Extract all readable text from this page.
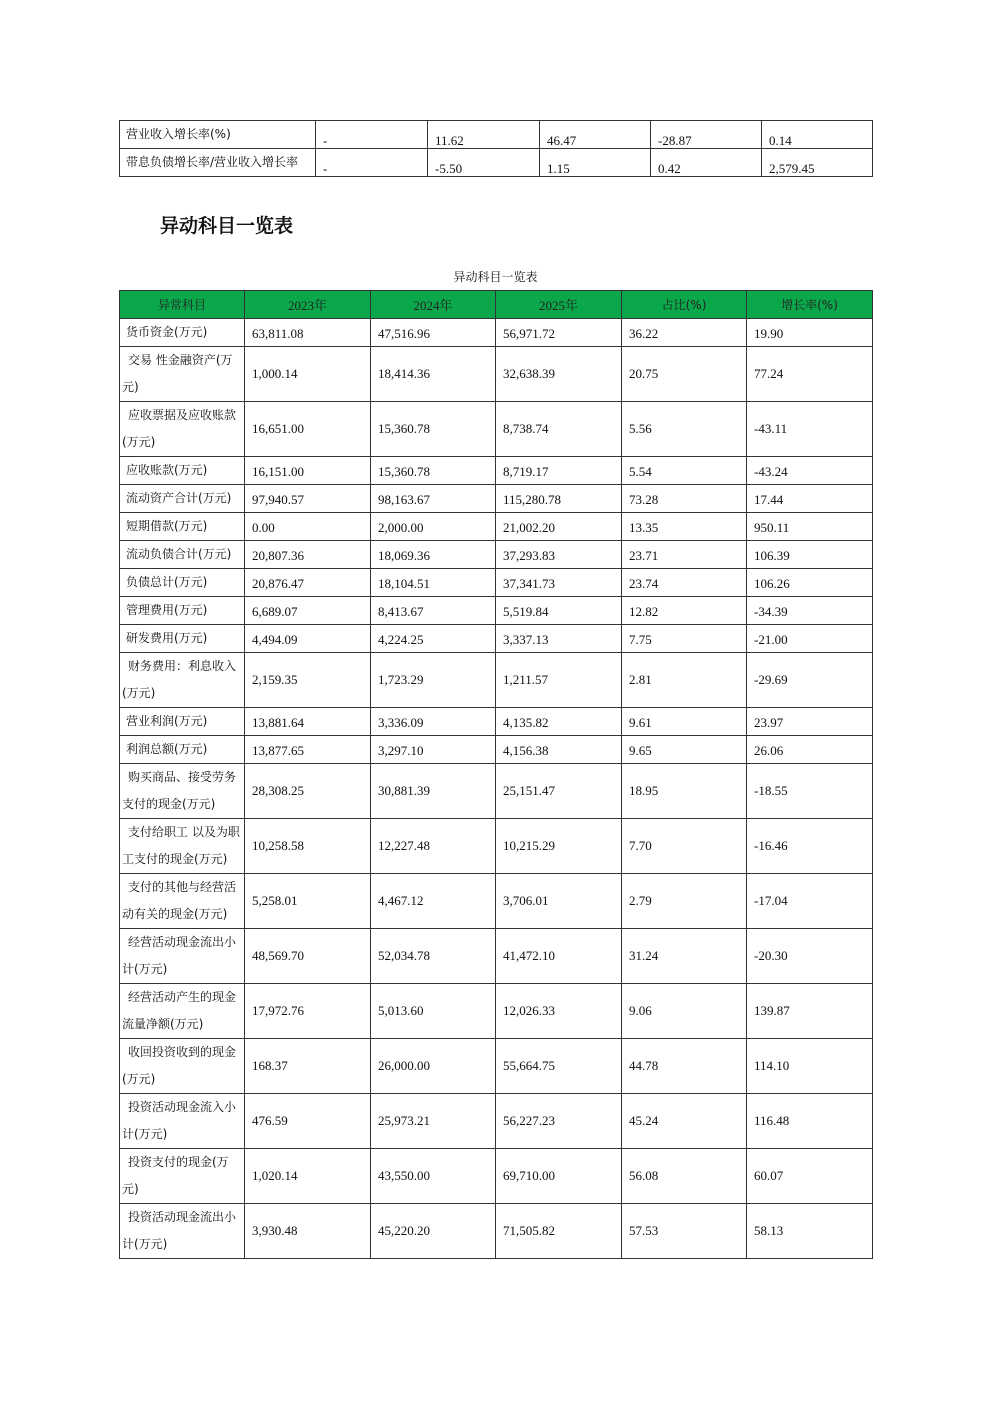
营业收入增长率(%)	-	11.62	46.47	-28.87	0.14
带息负债增长率/营业收入增长率	-	-5.50	1.15	0.42	2,579.45
异动科目一览表
异动科目一览表
异常科目	2023年	2024年	2025年	占比(%)	增长率(%)
货币资金(万元)	63,811.08	47,516.96	56,971.72	36.22	19.90
交易 性金融资产(万元)	1,000.14	18,414.36	32,638.39	20.75	77.24
应收票据及应收账款(万元)	16,651.00	15,360.78	8,738.74	5.56	-43.11
应收账款(万元)	16,151.00	15,360.78	8,719.17	5.54	-43.24
流动资产合计(万元)	97,940.57	98,163.67	115,280.78	73.28	17.44
短期借款(万元)	0.00	2,000.00	21,002.20	13.35	950.11
流动负债合计(万元)	20,807.36	18,069.36	37,293.83	23.71	106.39
负债总计(万元)	20,876.47	18,104.51	37,341.73	23.74	106.26
管理费用(万元)	6,689.07	8,413.67	5,519.84	12.82	-34.39
研发费用(万元)	4,494.09	4,224.25	3,337.13	7.75	-21.00
财务费用：利息收入(万元)	2,159.35	1,723.29	1,211.57	2.81	-29.69
营业利润(万元)	13,881.64	3,336.09	4,135.82	9.61	23.97
利润总额(万元)	13,877.65	3,297.10	4,156.38	9.65	26.06
购买商品、接受劳务支付的现金(万元)	28,308.25	30,881.39	25,151.47	18.95	-18.55
支付给职工 以及为职工支付的现金(万元)	10,258.58	12,227.48	10,215.29	7.70	-16.46
支付的其他与经营活动有关的现金(万元)	5,258.01	4,467.12	3,706.01	2.79	-17.04
经营活动现金流出小计(万元)	48,569.70	52,034.78	41,472.10	31.24	-20.30
经营活动产生的现金流量净额(万元)	17,972.76	5,013.60	12,026.33	9.06	139.87
收回投资收到的现金(万元)	168.37	26,000.00	55,664.75	44.78	114.10
投资活动现金流入小计(万元)	476.59	25,973.21	56,227.23	45.24	116.48
投资支付的现金(万元)	1,020.14	43,550.00	69,710.00	56.08	60.07
投资活动现金流出小计(万元)	3,930.48	45,220.20	71,505.82	57.53	58.13
